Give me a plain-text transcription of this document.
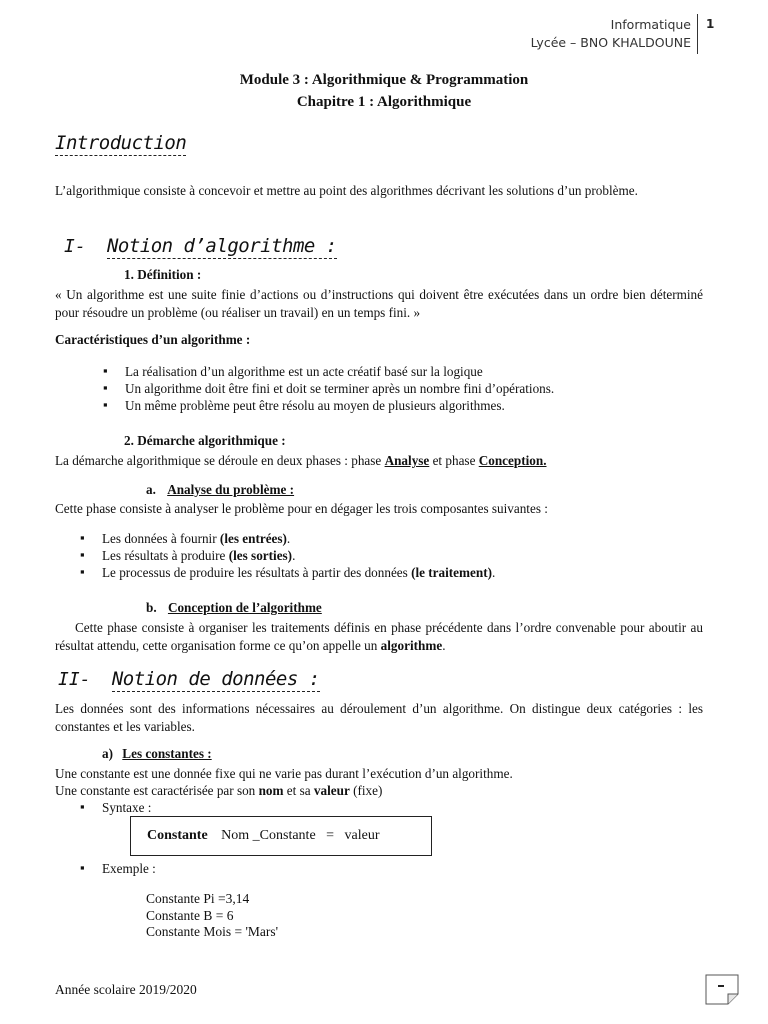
Informatique
Lycée – BNO KHALDOUNE
1
Module 3 : Algorithmique & Programmation
Chapitre 1 : Algorithmique
Introduction
L’algorithmique consiste à concevoir et mettre au point des algorithmes décrivant les solutions d’un problème.
I- Notion d’algorithme :
1. Définition :
« Un algorithme est une suite finie d’actions ou d’instructions qui doivent être exécutées dans un ordre bien déterminé pour résoudre un problème (ou réaliser un travail) en un temps fini. »
Caractéristiques d’un algorithme :
▪ La réalisation d’un algorithme est un acte créatif basé sur la logique
▪ Un algorithme doit être fini et doit se terminer après un nombre fini d’opérations.
▪ Un même problème peut être résolu au moyen de plusieurs algorithmes.
2. Démarche algorithmique :
La démarche algorithmique se déroule en deux phases : phase Analyse et phase Conception.
a. Analyse du problème :
Cette phase consiste à analyser le problème pour en dégager les trois composantes suivantes :
▪ Les données à fournir (les entrées).
▪ Les résultats à produire (les sorties).
▪ Le processus de produire les résultats à partir des données (le traitement).
b. Conception de l’algorithme
Cette phase consiste à organiser les traitements définis en phase précédente dans l’ordre convenable pour aboutir au résultat attendu, cette organisation forme ce qu’on appelle un algorithme.
II- Notion de données :
Les données sont des informations nécessaires au déroulement d’un algorithme. On distingue deux catégories : les constantes et les variables.
a) Les constantes :
Une constante est une donnée fixe qui ne varie pas durant l’exécution d’un algorithme.
Une constante est caractérisée par son nom et sa valeur (fixe)
▪ Syntaxe :
Constante Nom _Constante   =   valeur
▪ Exemple :
Constante Pi =3,14
Constante B = 6
Constante Mois = 'Mars'
Année scolaire 2019/2020
